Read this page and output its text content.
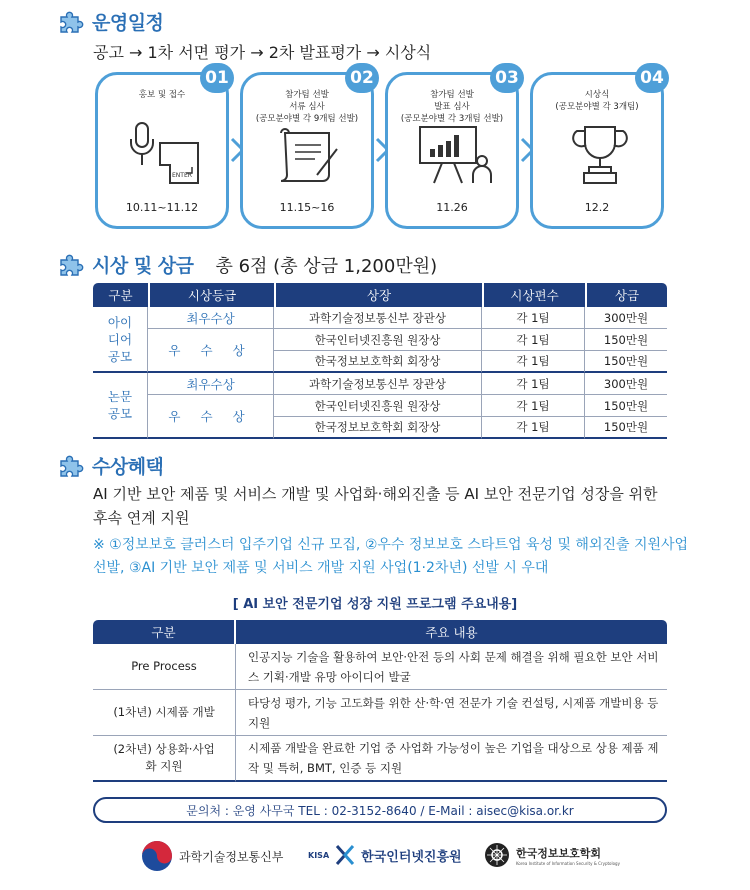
운영일정
공고 → 1차 서면 평가 → 2차 발표평가 → 시상식
01
홍보 및 접수
ENTER
10.11~11.12
02
참가팀 선발
서류 심사
(공모분야별 각 9개팀 선발)
11.15~16
03
참가팀 선발
발표 심사
(공모분야별 각 3개팀 선발)
11.26
04
시상식
(공모분야별 각 3개팀)
12.2
시상 및 상금 총 6점 (총 상금 1,200만원)
구분	시상등급	상장	시상편수	상금
아이
디어
공모	최우수상	과학기술정보통신부 장관상	각 1팀	300만원
	우 수 상	한국인터넷진흥원 원장상	각 1팀	150만원
		한국정보보호학회 회장상	각 1팀	150만원
논문
공모	최우수상	과학기술정보통신부 장관상	각 1팀	300만원
	우 수 상	한국인터넷진흥원 원장상	각 1팀	150만원
		한국정보보호학회 회장상	각 1팀	150만원
수상혜택
AI 기반 보안 제품 및 서비스 개발 및 사업화·해외진출 등 AI 보안 전문기업 성장을 위한 후속 연계 지원
※ ①정보보호 클러스터 입주기업 신규 모집, ②우수 정보보호 스타트업 육성 및 해외진출 지원사업 선발, ③AI 기반 보안 제품 및 서비스 개발 지원 사업(1·2차년) 선발 시 우대
[ AI 보안 전문기업 성장 지원 프로그램 주요내용]
구분	주요 내용
Pre Process	인공지능 기술을 활용하여 보안·안전 등의 사회 문제 해결을 위해 필요한 보안 서비스 기획·개발 유망 아이디어 발굴
(1차년) 시제품 개발	타당성 평가, 기능 고도화를 위한 산·학·연 전문가 기술 컨설팅, 시제품 개발비용 등 지원
(2차년) 상용화·사업화 지원	시제품 개발을 완료한 기업 중 사업화 가능성이 높은 기업을 대상으로 상용 제품 제작 및 특허, BMT, 인증 등 지원
문의처 : 운영 사무국 TEL : 02-3152-8640 / E-Mail : aisec@kisa.or.kr
과학기술정보통신부	KISA 한국인터넷진흥원	한국정보보호학회
Korea Institute of Information Security & Cryptology
